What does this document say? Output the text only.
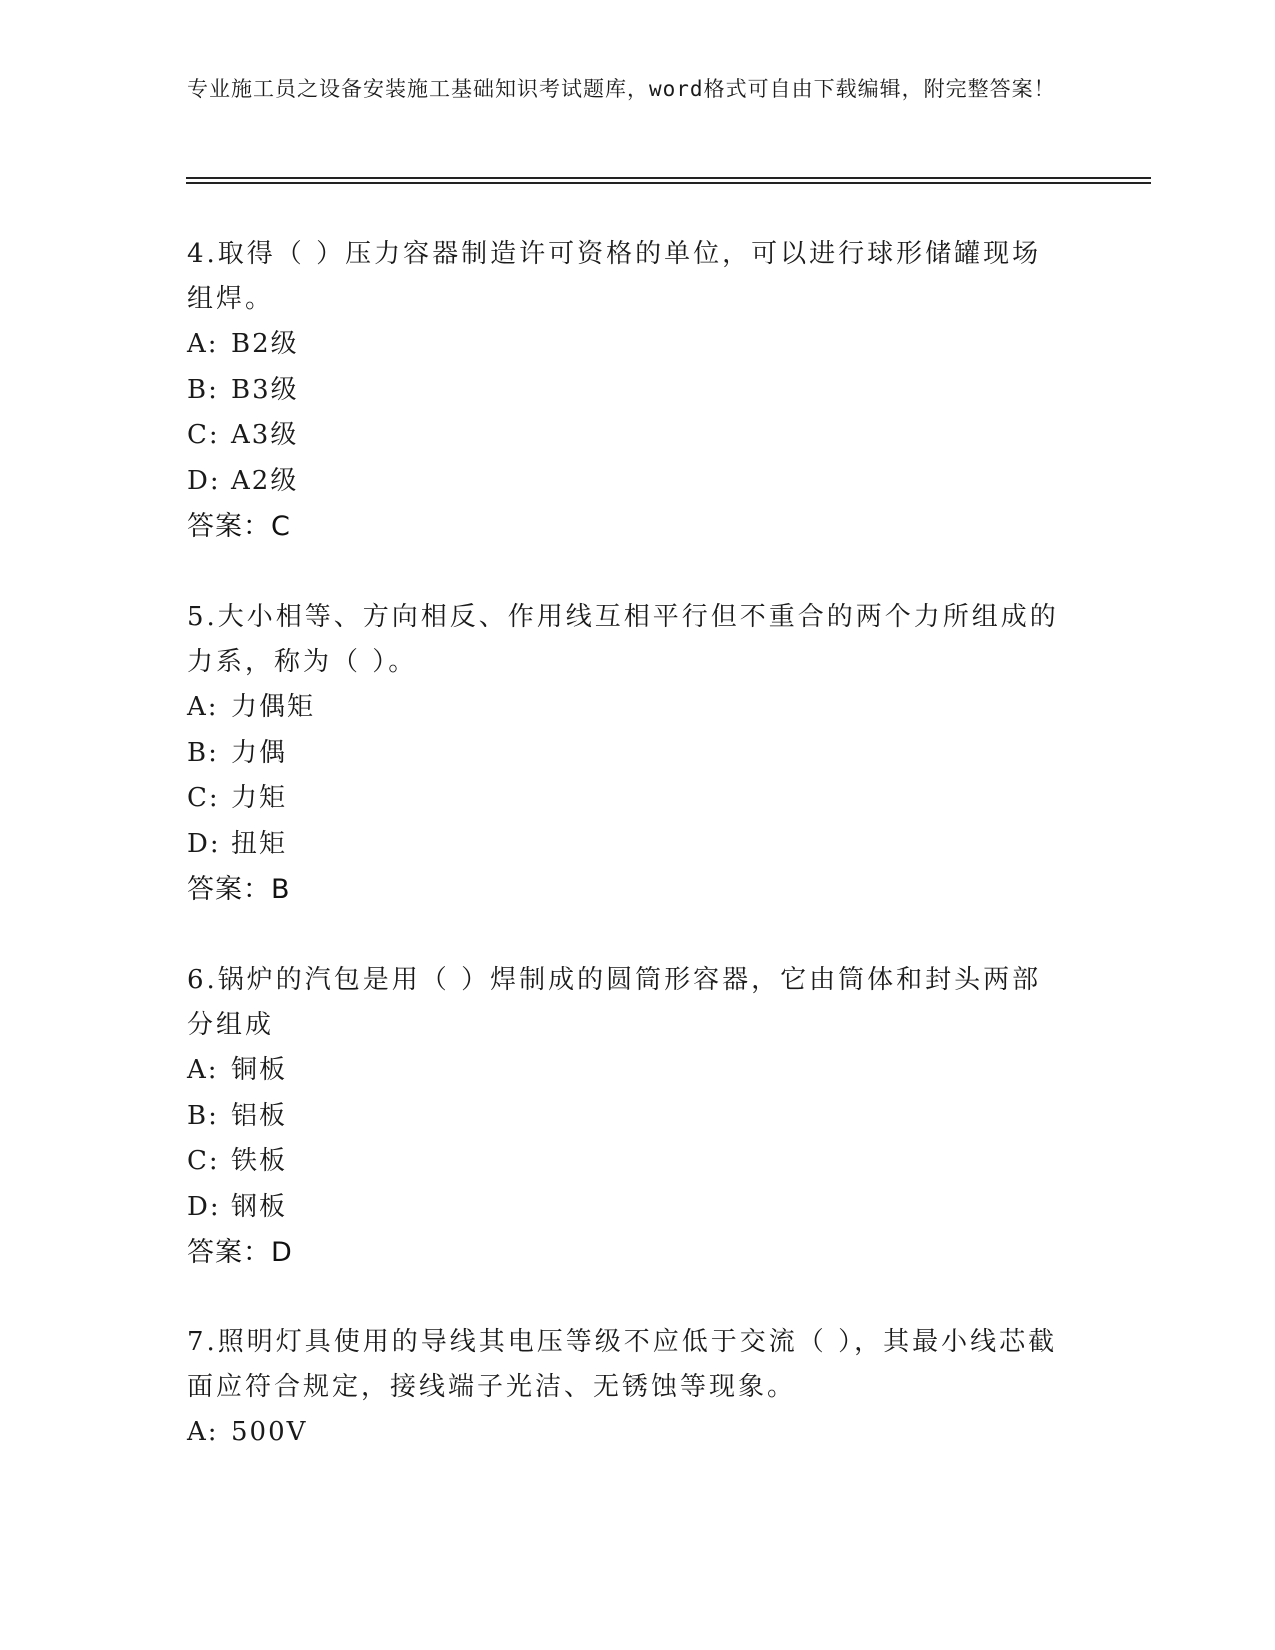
专业施工员之设备安装施工基础知识考试题库，word格式可自由下载编辑，附完整答案！

4.取得（ ）压力容器制造许可资格的单位，可以进行球形储罐现场组焊。

A: B2级
B: B3级
C: A3级
D: A2级
答案：C

5.大小相等、方向相反、作用线互相平行但不重合的两个力所组成的力系，称为（ ）。

A: 力偶矩
B: 力偶
C: 力矩
D: 扭矩
答案：B

6.锅炉的汽包是用（ ）焊制成的圆筒形容器，它由筒体和封头两部分组成

A: 铜板
B: 铝板
C: 铁板
D: 钢板
答案：D

7.照明灯具使用的导线其电压等级不应低于交流（ ），其最小线芯截面应符合规定，接线端子光洁、无锈蚀等现象。

A: 500V
